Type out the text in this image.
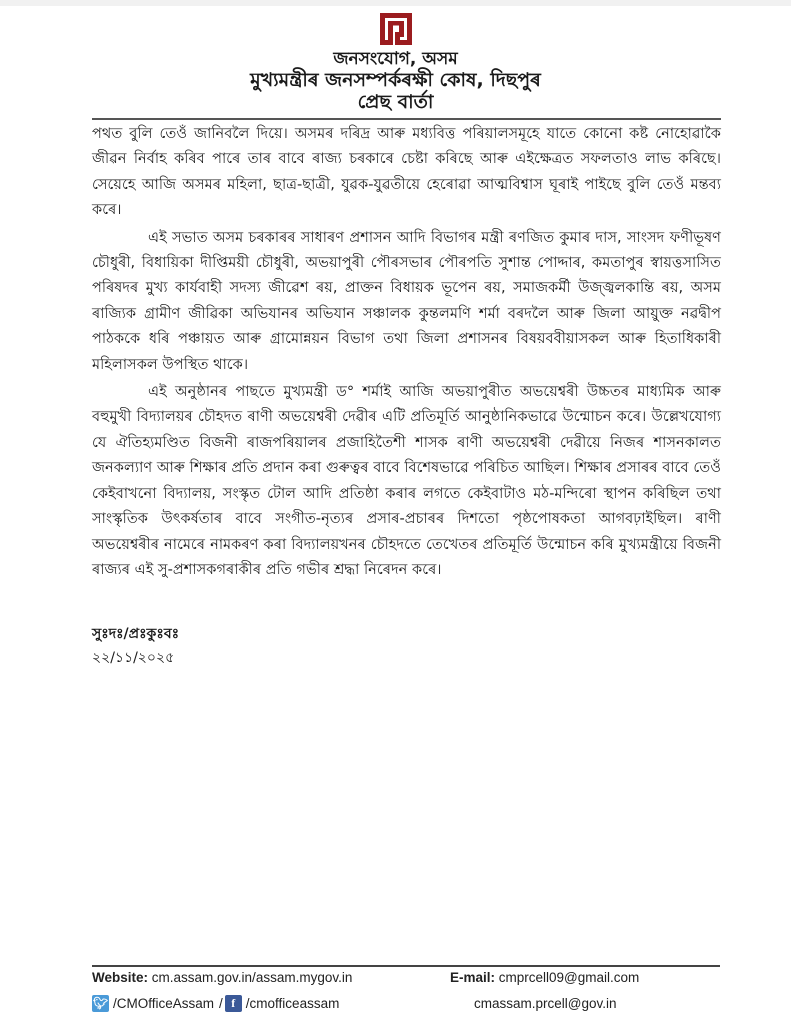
জনসংযোগ, অসম
মুখ্যমন্ত্ৰীৰ জনসম্পৰ্কৰক্ষী কোষ, দিছপুৰ
প্ৰেছ বাৰ্তা

পথত বুলি তেওঁ জানিবলৈ দিয়ে। অসমৰ দৰিদ্ৰ আৰু মধ্যবিত্ত পৰিয়ালসমূহে যাতে কোনো কষ্ট নোহোৱাকৈ জীৱন নিৰ্বাহ কৰিব পাৰে তাৰ বাবে ৰাজ্য চৰকাৰে চেষ্টা কৰিছে আৰু এইক্ষেত্ৰত সফলতাও লাভ কৰিছে। সেয়েহে আজি অসমৰ মহিলা, ছাত্ৰ-ছাত্ৰী, যুৱক-যুৱতীয়ে হেৰোৱা আত্মবিশ্বাস ঘূৰাই পাইছে বুলি তেওঁ মন্তব্য কৰে।

এই সভাত অসম চৰকাৰৰ সাধাৰণ প্ৰশাসন আদি বিভাগৰ মন্ত্ৰী ৰণজিত কুমাৰ দাস, সাংসদ ফণীভূষণ চৌধুৰী, বিধায়িকা দীপ্তিময়ী চৌধুৰী, অভয়াপুৰী পৌৰসভাৰ পৌৰপতি সুশান্ত পোদ্দাৰ, কমতাপুৰ স্বায়ত্তসাসিত পৰিষদৰ মুখ্য কাৰ্যবাহী সদস্য জীৱেশ ৰয়, প্ৰাক্তন বিধায়ক ভূপেন ৰয়, সমাজকৰ্মী উজ্জ্বলকান্তি ৰয়, অসম ৰাজ্যিক গ্ৰামীণ জীৱিকা অভিযানৰ অভিযান সঞ্চালক কুন্তলমণি শৰ্মা বৰদলৈ আৰু জিলা আয়ুক্ত নৱদ্বীপ পাঠককে ধৰি পঞ্চায়ত আৰু গ্ৰামোন্নয়ন বিভাগ তথা জিলা প্ৰশাসনৰ বিষয়ববীয়াসকল আৰু হিতাধিকাৰী মহিলাসকল উপস্থিত থাকে।

এই অনুষ্ঠানৰ পাছতে মুখ্যমন্ত্ৰী ড° শৰ্মাই আজি অভয়াপুৰীত অভয়েশ্বৰী উচ্চতৰ মাধ্যমিক আৰু বহুমুখী বিদ্যালয়ৰ চৌহদত ৰাণী অভয়েশ্বৰী দেৱীৰ এটি প্ৰতিমূৰ্তি আনুষ্ঠানিকভাৱে উন্মোচন কৰে। উল্লেখযোগ্য যে ঐতিহ্যমণ্ডিত বিজনী ৰাজপৰিয়ালৰ প্ৰজাহিতৈশী শাসক ৰাণী অভয়েশ্বৰী দেৱীয়ে নিজৰ শাসনকালত জনকল্যাণ আৰু শিক্ষাৰ প্ৰতি প্ৰদান কৰা গুৰুত্বৰ বাবে বিশেষভাৱে পৰিচিত আছিল। শিক্ষাৰ প্ৰসাৰৰ বাবে তেওঁ কেইবাখনো বিদ্যালয়, সংস্কৃত টোল আদি প্ৰতিষ্ঠা কৰাৰ লগতে কেইবাটাও মঠ-মন্দিৰো স্থাপন কৰিছিল তথা সাংস্কৃতিক উৎকৰ্ষতাৰ বাবে সংগীত-নৃত্যৰ প্ৰসাৰ-প্ৰচাৰৰ দিশতো পৃষ্ঠপোষকতা আগবঢ়াইছিল। ৰাণী অভয়েশ্বৰীৰ নামেৰে নামকৰণ কৰা বিদ্যালয়খনৰ চৌহদতে তেখেতৰ প্ৰতিমূৰ্তি উন্মোচন কৰি মুখ্যমন্ত্ৰীয়ে বিজনী ৰাজ্যৰ এই সু-প্ৰশাসকগৰাকীৰ প্ৰতি গভীৰ শ্ৰদ্ধা নিৰেদন কৰে।

সুঃদঃ/প্ৰঃকুঃবঃ
২২/১১/২০২৫
Website: cm.assam.gov.in/assam.mygov.in
🐦︎ /CMOfficeAssam / f /cmofficeassam
E-mail: cmprcell09@gmail.com
cmassam.prcell@gov.in
